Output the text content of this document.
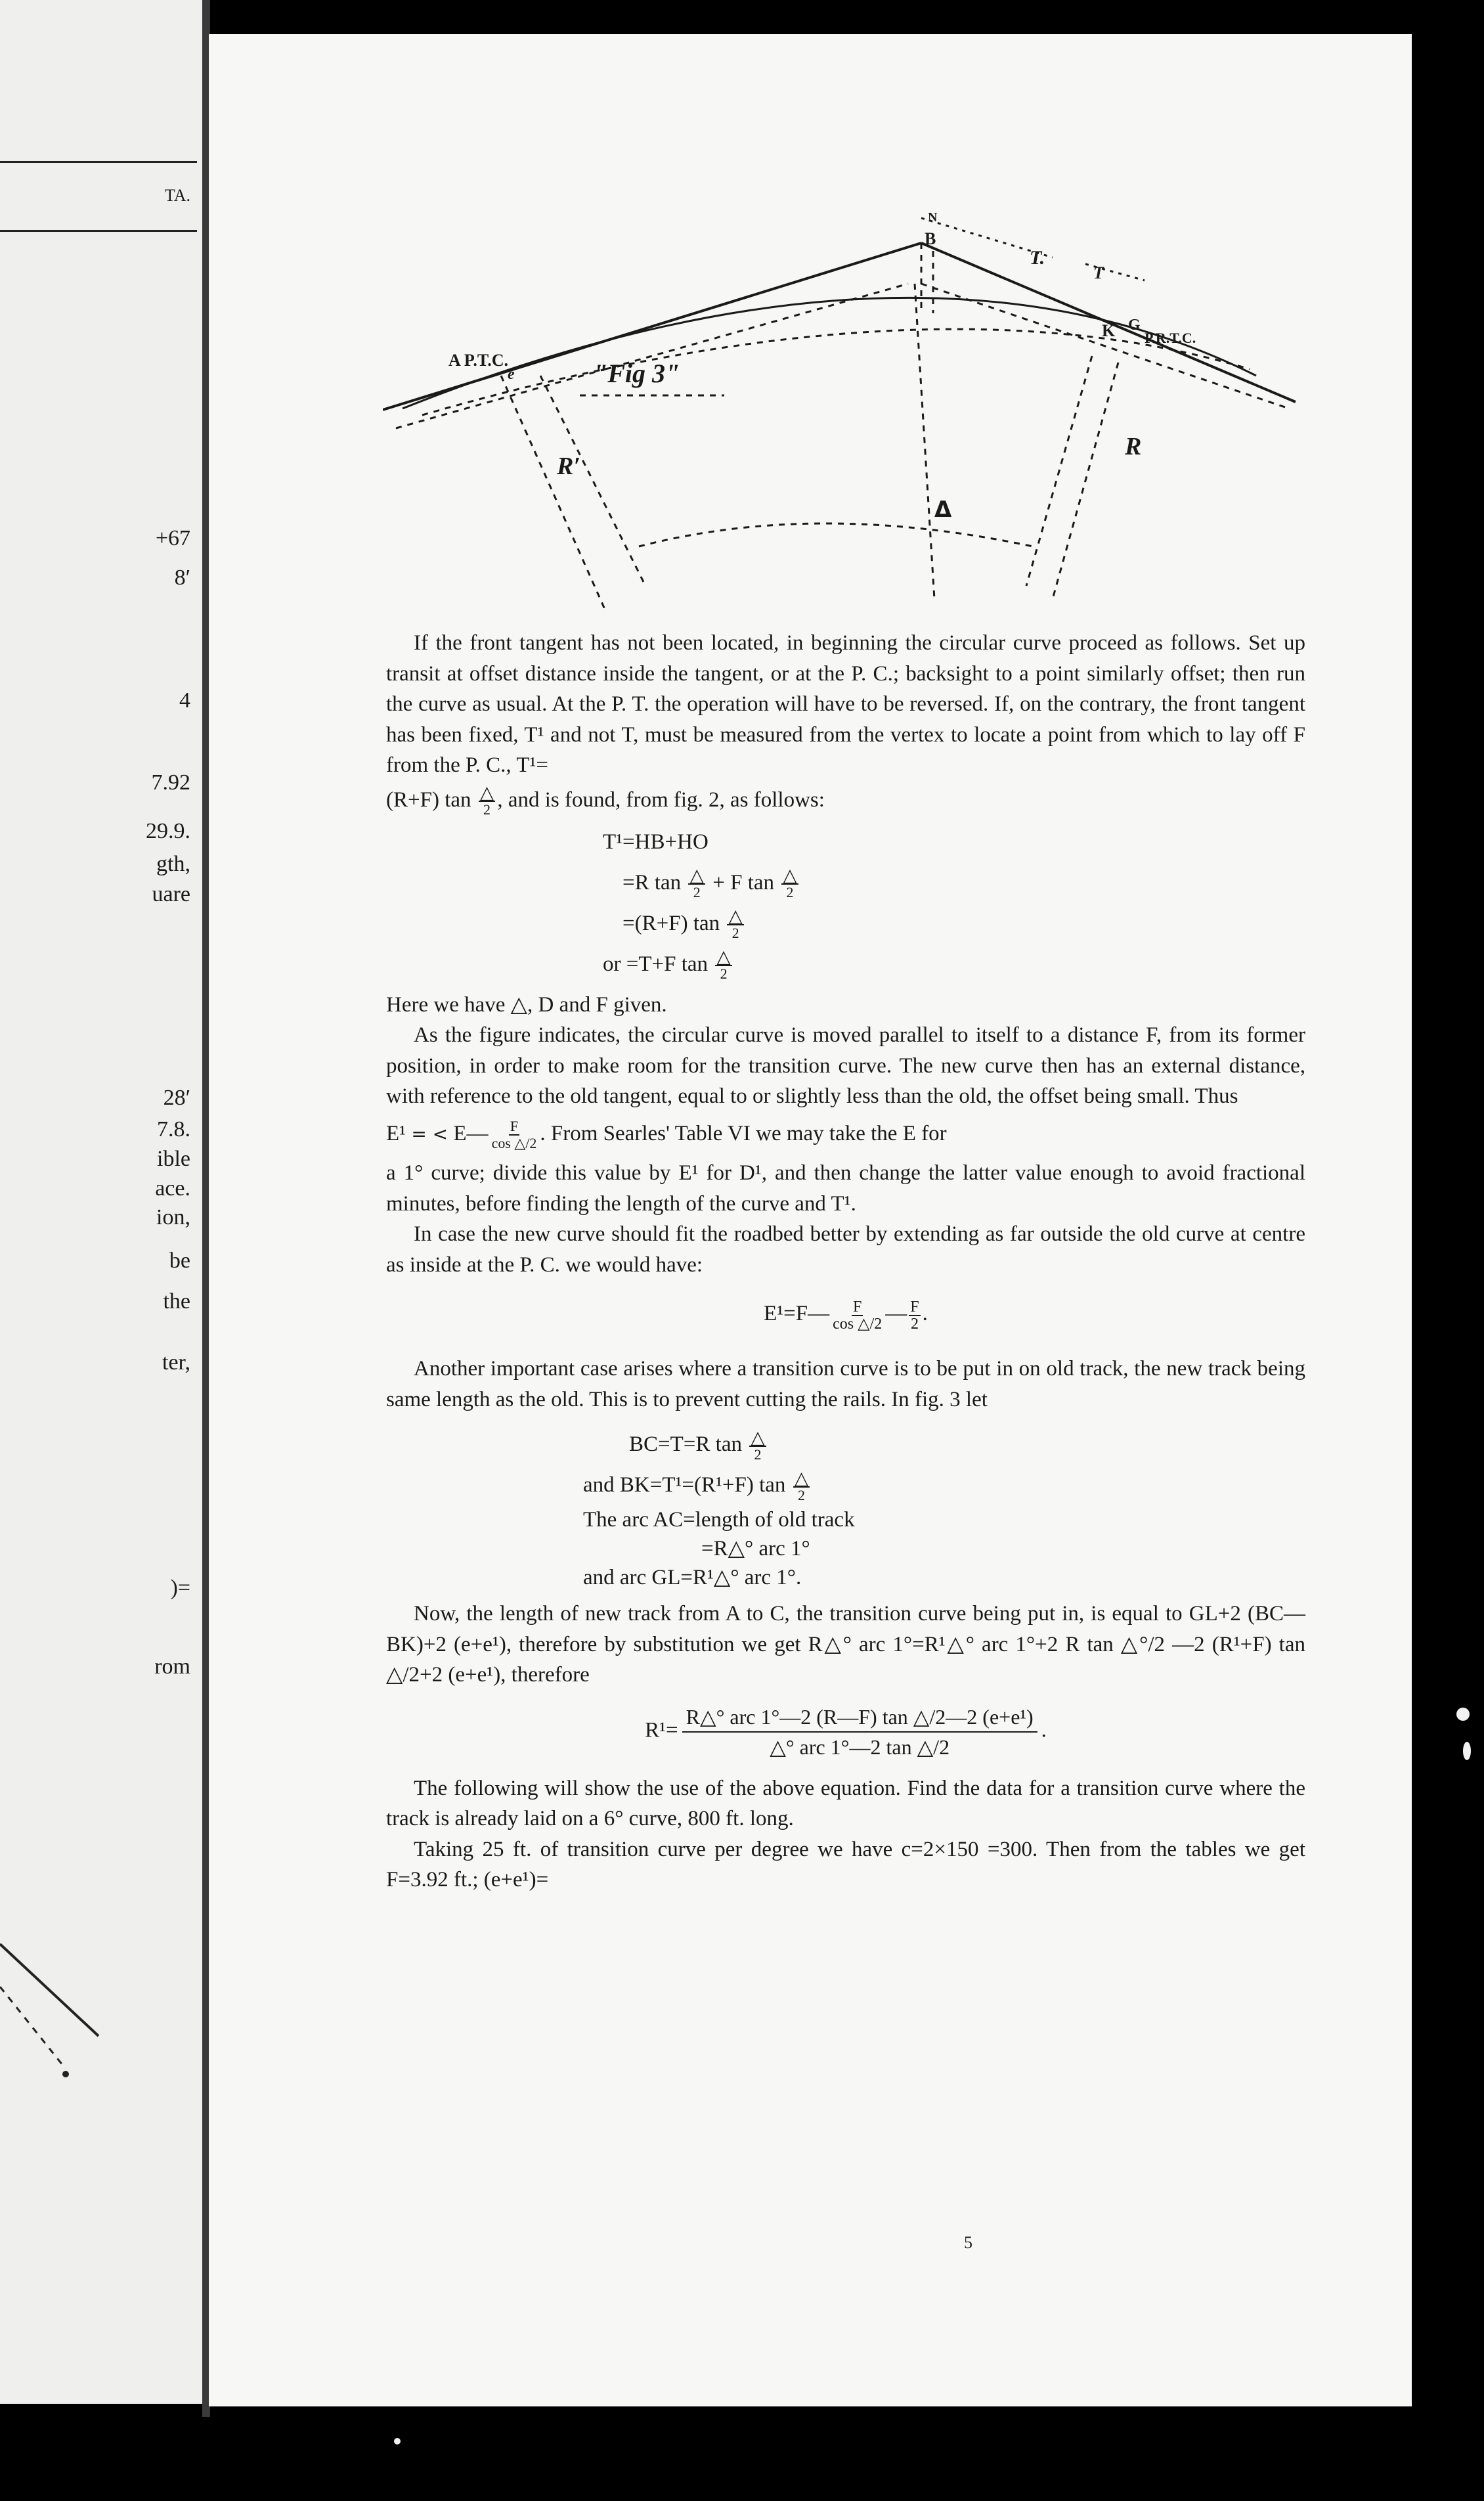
TA.
+67
8′
4
7.92
29.9.
gth,
uare
28′
7.8.
ible
ace.
ion,
be
the
ter,
)=
rom
A P.T.C.
e
B
N
T.
T
K G
P.R.T.C.
"Fig 3"
R′
R
Δ

If the front tangent has not been located, in beginning the circular curve proceed as follows. Set up transit at offset distance inside the tangent, or at the P. C.; backsight to a point similarly offset; then run the curve as usual. At the P. T. the operation will have to be reversed. If, on the contrary, the front tangent has been fixed, T¹ and not T, must be measured from the vertex to locate a point from which to lay off F from the P. C., T¹=

(R+F) $\tan \frac{\triangle}{2}$ , and is found, from fig. 2, as follows:

T¹=HB+HO
=R $\tan \frac{\triangle}{2} + F$ $\tan \frac{\triangle}{2}$
=(R+F) $\tan \frac{\triangle}{2}$
or =T+F $\tan \frac{\triangle}{2}$

Here we have △, D and F given.

As the figure indicates, the circular curve is moved parallel to itself to a distance F, from its former position, in order to make room for the transition curve. The new curve then has an external distance, with reference to the old tangent, equal to or slightly less than the old, the offset being small. Thus

E¹ = < E— $\frac{F}{\cos \triangle/2}$ . From Searles' Table VI we may take the E for

a 1° curve; divide this value by E¹ for D¹, and then change the latter value enough to avoid fractional minutes, before finding the length of the curve and T¹.

In case the new curve should fit the roadbed better by extending as far outside the old curve at centre as inside at the P. C. we would have:

E¹=F— $\frac{F}{\cos \triangle/2}$ — $\frac{F}{2}$ .

Another important case arises where a transition curve is to be put in on old track, the new track being same length as the old. This is to prevent cutting the rails. In fig. 3 let

BC=T=R $\tan \frac{\triangle}{2}$
and BK=T¹=(R¹+F) $\tan \frac{\triangle}{2}$
The arc AC=length of old track
=R△° arc 1°
and arc GL=R¹△° arc 1°.

Now, the length of new track from A to C, the transition curve being put in, is equal to GL+2 (BC—BK)+2 (e+e¹), therefore by substitution we get R△° arc 1°=R¹△° arc 1°+2 R tan △°/2 —2 (R¹+F) tan △/2+2 (e+e¹), therefore

$R^1= \frac{\text{R△° arc 1°—2 (R—F) tan △/2—2 (e+e¹)}}{\text{△° arc 1°—2 tan △/2}}$ .

The following will show the use of the above equation. Find the data for a transition curve where the track is already laid on a 6° curve, 800 ft. long.

Taking 25 ft. of transition curve per degree we have c=2×150 =300. Then from the tables we get F=3.92 ft.; (e+e¹)=

5
